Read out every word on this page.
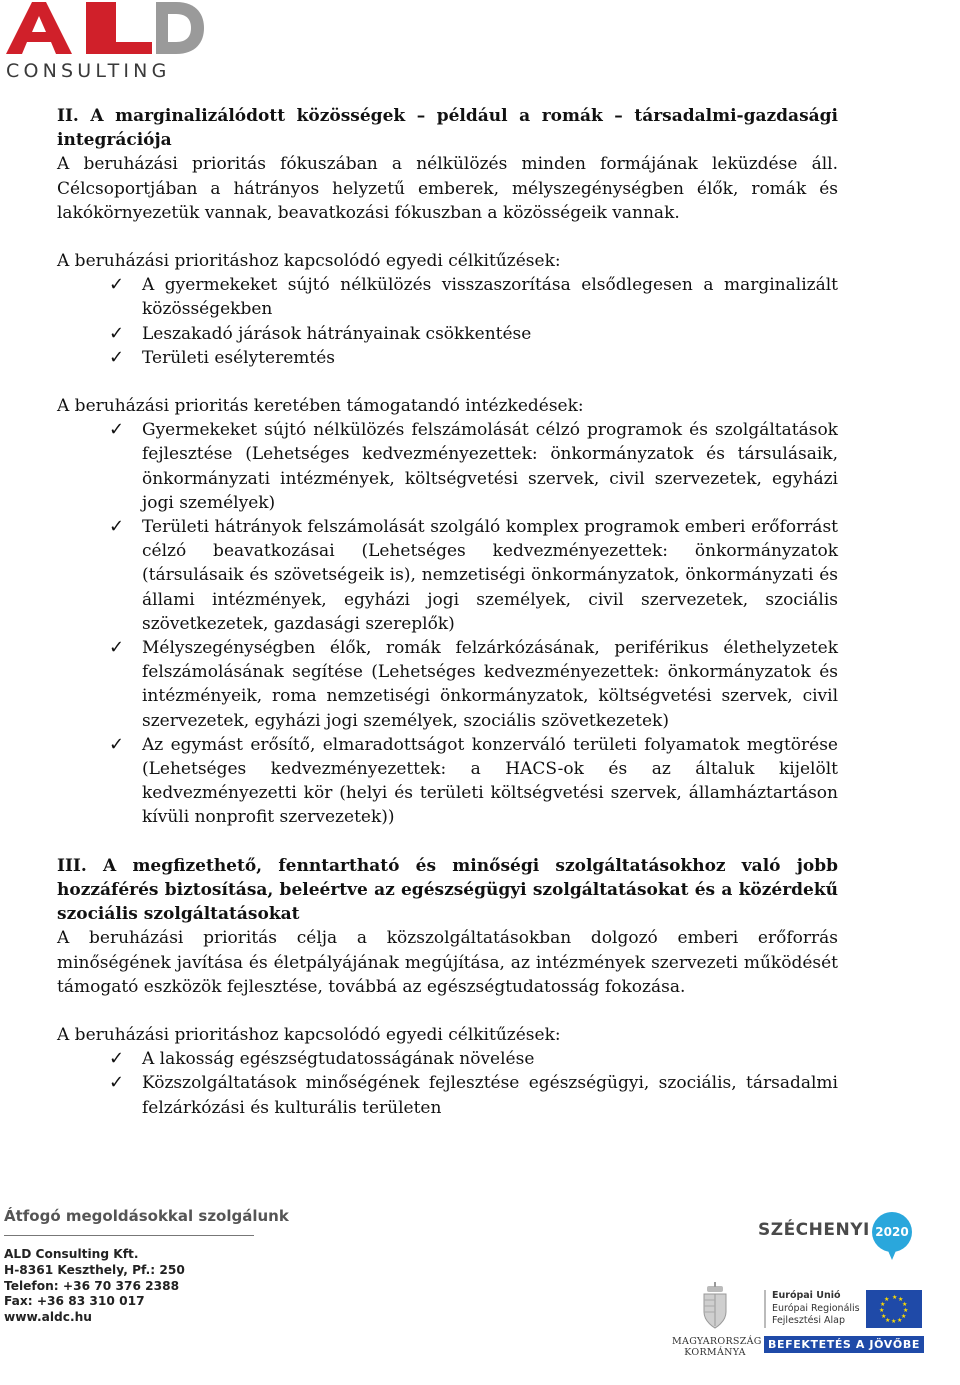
CONSULTING

II. A marginalizálódott közösségek – például a romák – társadalmi-gazdasági integrációja

A beruházási prioritás fókuszában a nélkülözés minden formájának leküzdése áll. Célcsoportjában a hátrányos helyzetű emberek, mélyszegénységben élők, romák és lakókörnyezetük vannak, beavatkozási fókuszban a közösségeik vannak.

A beruházási prioritáshoz kapcsolódó egyedi célkitűzések:

✓ A gyermekeket sújtó nélkülözés visszaszorítása elsődlegesen a marginalizált közösségekben
✓ Leszakadó járások hátrányainak csökkentése
✓ Területi esélyteremtés

A beruházási prioritás keretében támogatandó intézkedések:

✓ Gyermekeket sújtó nélkülözés felszámolását célzó programok és szolgáltatások fejlesztése (Lehetséges kedvezményezettek: önkormányzatok és társulásaik, önkormányzati intézmények, költségvetési szervek, civil szervezetek, egyházi jogi személyek)
✓ Területi hátrányok felszámolását szolgáló komplex programok emberi erőforrást célzó beavatkozásai (Lehetséges kedvezményezettek: önkormányzatok (társulásaik és szövetségeik is), nemzetiségi önkormányzatok, önkormányzati és állami intézmények, egyházi jogi személyek, civil szervezetek, szociális szövetkezetek, gazdasági szereplők)
✓ Mélyszegénységben élők, romák felzárkózásának, periférikus élethelyzetek felszámolásának segítése (Lehetséges kedvezményezettek: önkormányzatok és intézményeik, roma nemzetiségi önkormányzatok, költségvetési szervek, civil szervezetek, egyházi jogi személyek, szociális szövetkezetek)
✓ Az egymást erősítő, elmaradottságot konzerváló területi folyamatok megtörése (Lehetséges kedvezményezettek: a HACS-ok és az általuk kijelölt kedvezményezetti kör (helyi és területi költségvetési szervek, államháztartáson kívüli nonprofit szervezetek))

III. A megfizethető, fenntartható és minőségi szolgáltatásokhoz való jobb hozzáférés biztosítása, beleértve az egészségügyi szolgáltatásokat és a közérdekű szociális szolgáltatásokat

A beruházási prioritás célja a közszolgáltatásokban dolgozó emberi erőforrás minőségének javítása és életpályájának megújítása, az intézmények szervezeti működését támogató eszközök fejlesztése, továbbá az egészségtudatosság fokozása.

A beruházási prioritáshoz kapcsolódó egyedi célkitűzések:

✓ A lakosság egészségtudatosságának növelése
✓ Közszolgáltatások minőségének fejlesztése egészségügyi, szociális, társadalmi felzárkózási és kulturális területen
Átfogó megoldásokkal szolgálunk
ALD Consulting Kft.
H-8361 Keszthely, Pf.: 250
Telefon: +36 70 376 2388
Fax: +36 83 310 017
www.aldc.hu
SZÉCHENYI 2020
MAGYARORSZÁG
KORMÁNYA
Európai Unió
Európai Regionális
Fejlesztési Alap
★ ★
★
★
★
★
★
★
★
★
★
★
BEFEKTETÉS A JÖVŐBE
